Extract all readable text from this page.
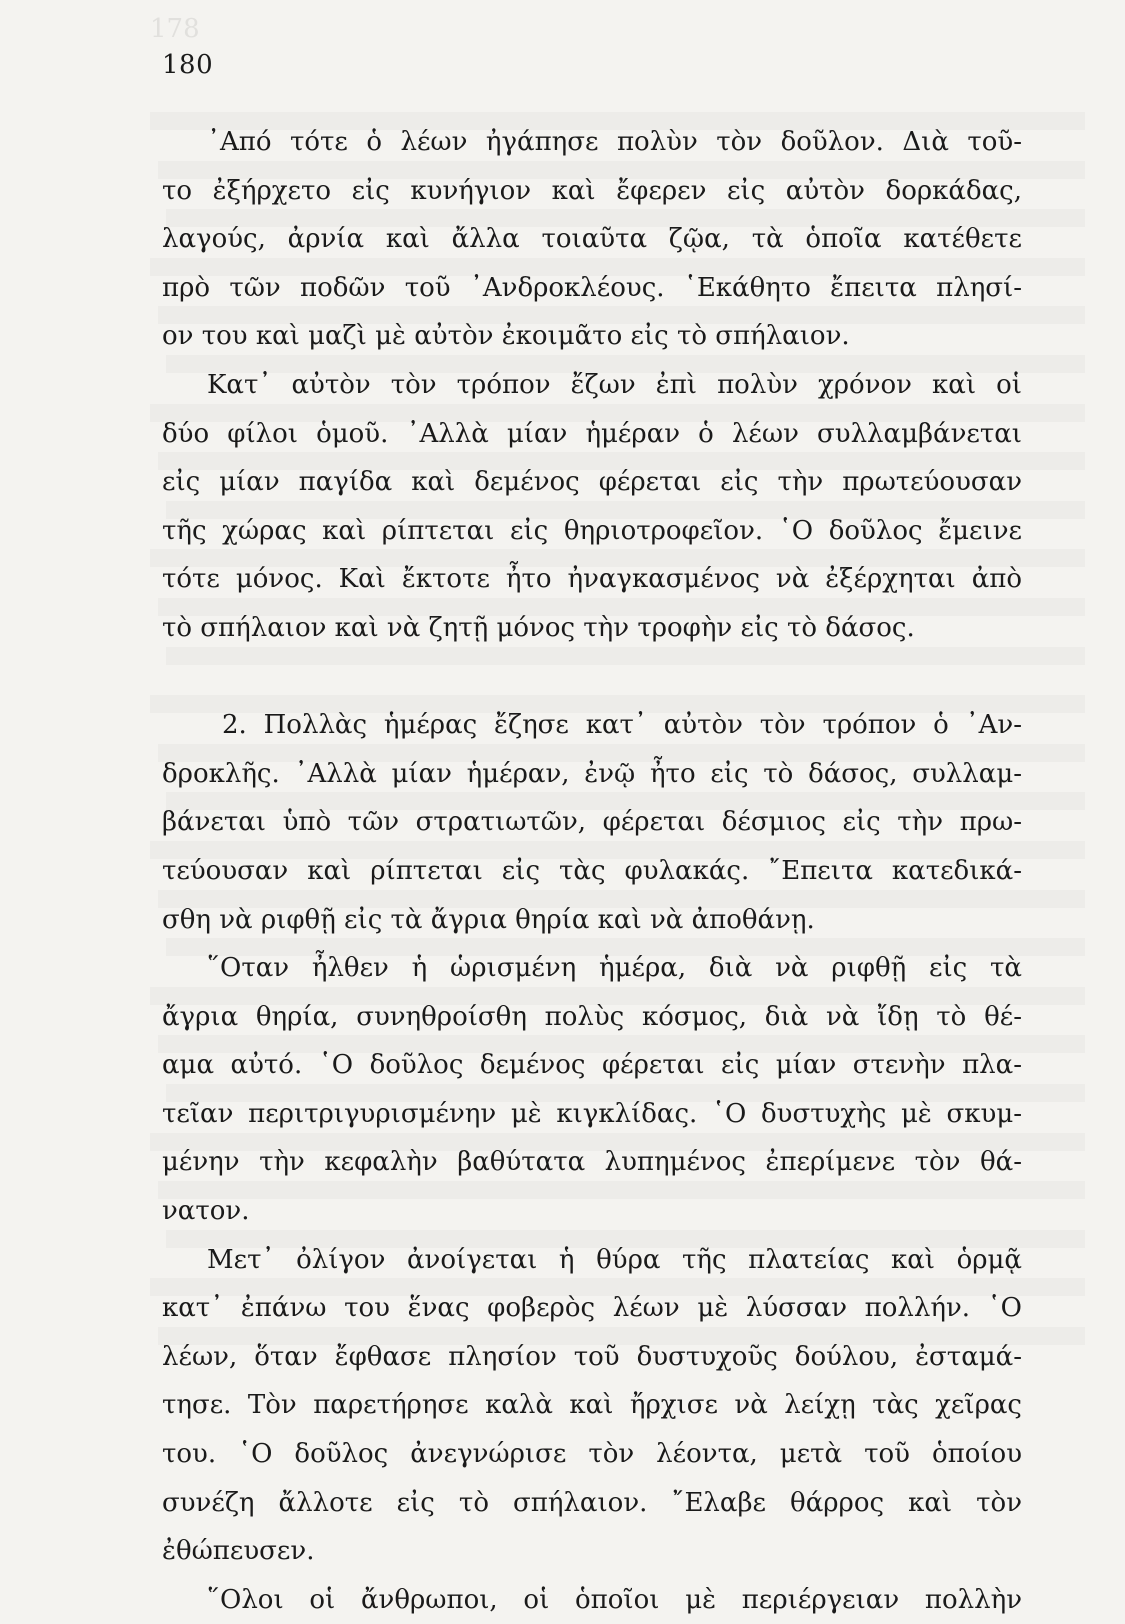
178
180
᾿Από τότε ὁ λέων ἠγάπησε πολὺν τὸν δοῦλον. Διὰ τοῦ-
το ἐξήρχετο εἰς κυνήγιον καὶ ἔφερεν εἰς αὐτὸν δορκάδας,
λαγούς, ἀρνία καὶ ἄλλα τοιαῦτα ζῷα, τὰ ὁποῖα κατέθετε
πρὸ τῶν ποδῶν τοῦ ᾿Ανδροκλέους. ῾Εκάθητο ἔπειτα πλησί-
ον του καὶ μαζὶ μὲ αὐτὸν ἐκοιμᾶτο εἰς τὸ σπήλαιον.
Κατ᾿ αὐτὸν τὸν τρόπον ἔζων ἐπὶ πολὺν χρόνον καὶ οἱ
δύο φίλοι ὁμοῦ. ᾿Αλλὰ μίαν ἡμέραν ὁ λέων συλλαμβάνεται
εἰς μίαν παγίδα καὶ δεμένος φέρεται εἰς τὴν πρωτεύουσαν
τῆς χώρας καὶ ρίπτεται εἰς θηριοτροφεῖον. ῾Ο δοῦλος ἔμεινε
τότε μόνος. Καὶ ἔκτοτε ἦτο ἠναγκασμένος νὰ ἐξέρχηται ἀπὸ
τὸ σπήλαιον καὶ νὰ ζητῇ μόνος τὴν τροφὴν εἰς τὸ δάσος.
2. Πολλὰς ἡμέρας ἔζησε κατ᾿ αὐτὸν τὸν τρόπον ὁ ᾿Αν-
δροκλῆς. ᾿Αλλὰ μίαν ἡμέραν, ἐνῷ ἦτο εἰς τὸ δάσος, συλλαμ-
βάνεται ὑπὸ τῶν στρατιωτῶν, φέρεται δέσμιος εἰς τὴν πρω-
τεύουσαν καὶ ρίπτεται εἰς τὰς φυλακάς. ῎Επειτα κατεδικά-
σθη νὰ ριφθῇ εἰς τὰ ἄγρια θηρία καὶ νὰ ἀποθάνῃ.
῞Οταν ἦλθεν ἡ ὡρισμένη ἡμέρα, διὰ νὰ ριφθῇ εἰς τὰ
ἄγρια θηρία, συνηθροίσθη πολὺς κόσμος, διὰ νὰ ἴδῃ τὸ θέ-
αμα αὐτό. ῾Ο δοῦλος δεμένος φέρεται εἰς μίαν στενὴν πλα-
τεῖαν περιτριγυρισμένην μὲ κιγκλίδας. ῾Ο δυστυχὴς μὲ σκυμ-
μένην τὴν κεφαλὴν βαθύτατα λυπημένος ἐπερίμενε τὸν θά-
νατον.
Μετ᾿ ὀλίγον ἀνοίγεται ἡ θύρα τῆς πλατείας καὶ ὁρμᾷ
κατ᾿ ἐπάνω του ἕνας φοβερὸς λέων μὲ λύσσαν πολλήν. ῾Ο
λέων, ὅταν ἔφθασε πλησίον τοῦ δυστυχοῦς δούλου, ἐσταμά-
τησε. Τὸν παρετήρησε καλὰ καὶ ἤρχισε νὰ λείχῃ τὰς χεῖρας
του. ῾Ο δοῦλος ἀνεγνώρισε τὸν λέοντα, μετὰ τοῦ ὁποίου
συνέζη ἄλλοτε εἰς τὸ σπήλαιον. ῎Ελαβε θάρρος καὶ τὸν
ἐθώπευσεν.
῞Ολοι οἱ ἄνθρωποι, οἱ ὁποῖοι μὲ περιέργειαν πολλὴν
